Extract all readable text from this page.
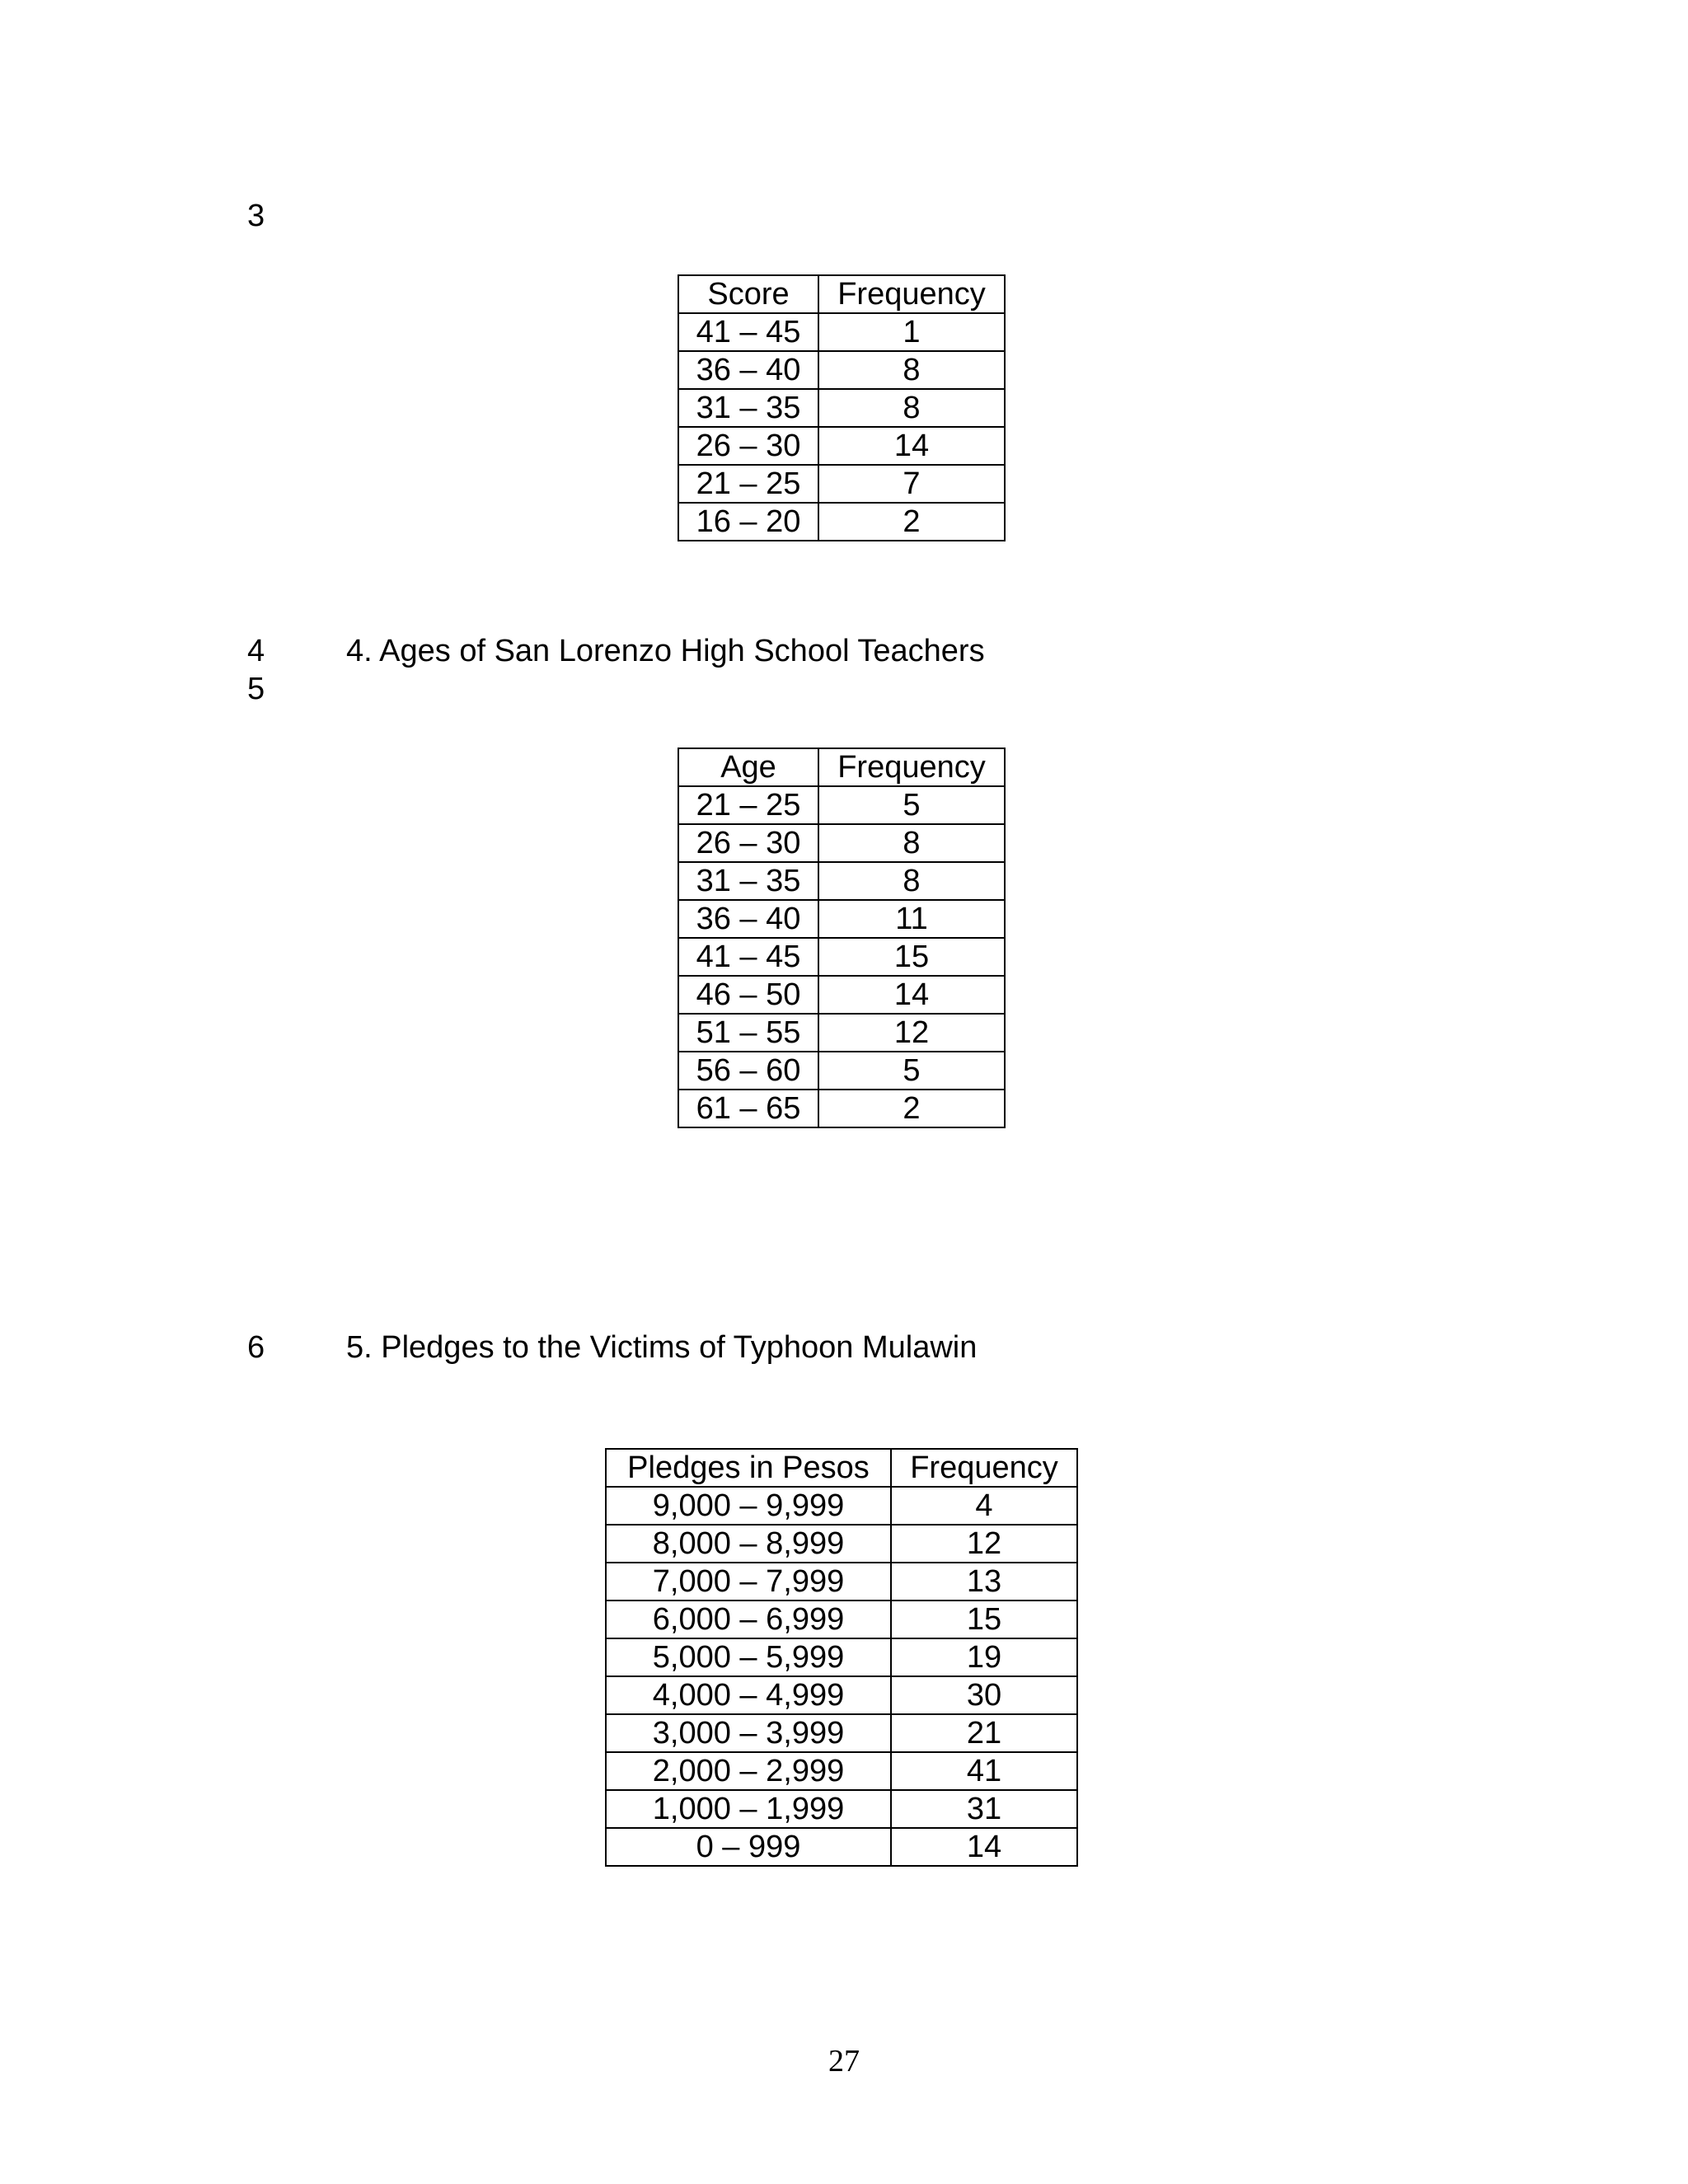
3
4
5
6
Score	Frequency
41 – 45	1
36 – 40	8
31 – 35	8
26 – 30	14
21 – 25	7
16 – 20	2
4. Ages of San Lorenzo High School Teachers
Age	Frequency
21 – 25	5
26 – 30	8
31 – 35	8
36 – 40	11
41 – 45	15
46 – 50	14
51 – 55	12
56 – 60	5
61 – 65	2
5. Pledges to the Victims of Typhoon Mulawin
Pledges in Pesos	Frequency
9,000 – 9,999	4
8,000 – 8,999	12
7,000 – 7,999	13
6,000 – 6,999	15
5,000 – 5,999	19
4,000 – 4,999	30
3,000 – 3,999	21
2,000 – 2,999	41
1,000 – 1,999	31
0 – 999	14
27
